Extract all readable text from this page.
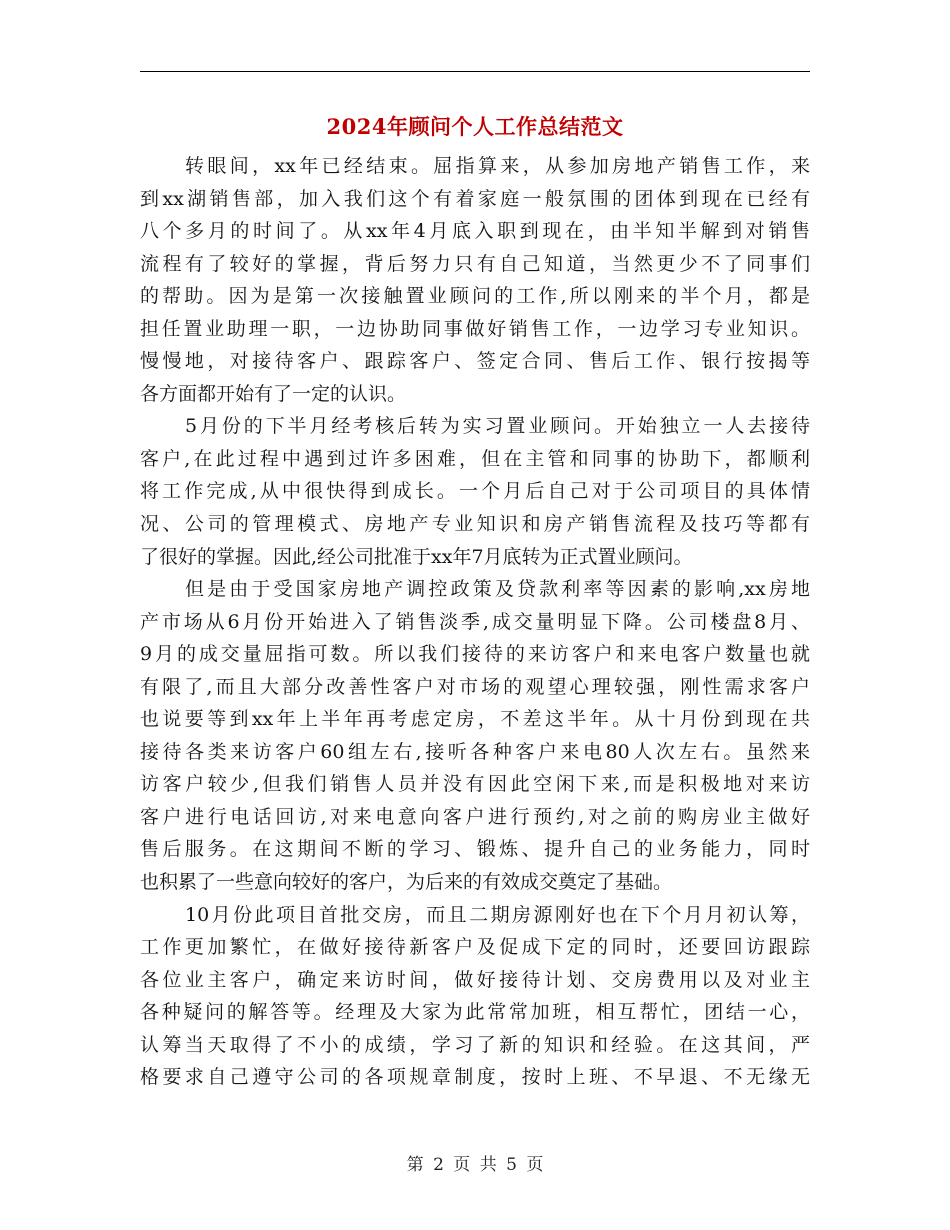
2024年顾问个人工作总结范文
转眼间，xx年已经结束。屈指算来，从参加房地产销售工作，来
到xx湖销售部，加入我们这个有着家庭一般氛围的团体到现在已经有
八个多月的时间了。从xx年4月底入职到现在，由半知半解到对销售
流程有了较好的掌握，背后努力只有自己知道，当然更少不了同事们
的帮助。因为是第一次接触置业顾问的工作,所以刚来的半个月，都是
担任置业助理一职，一边协助同事做好销售工作，一边学习专业知识。
慢慢地，对接待客户、跟踪客户、签定合同、售后工作、银行按揭等
各方面都开始有了一定的认识。
5月份的下半月经考核后转为实习置业顾问。开始独立一人去接待
客户,在此过程中遇到过许多困难，但在主管和同事的协助下，都顺利
将工作完成,从中很快得到成长。一个月后自己对于公司项目的具体情
况、公司的管理模式、房地产专业知识和房产销售流程及技巧等都有
了很好的掌握。因此,经公司批准于xx年7月底转为正式置业顾问。
但是由于受国家房地产调控政策及贷款利率等因素的影响,xx房地
产市场从6月份开始进入了销售淡季,成交量明显下降。公司楼盘8月、
9月的成交量屈指可数。所以我们接待的来访客户和来电客户数量也就
有限了,而且大部分改善性客户对市场的观望心理较强，刚性需求客户
也说要等到xx年上半年再考虑定房，不差这半年。从十月份到现在共
接待各类来访客户60组左右,接听各种客户来电80人次左右。虽然来
访客户较少,但我们销售人员并没有因此空闲下来,而是积极地对来访
客户进行电话回访,对来电意向客户进行预约,对之前的购房业主做好
售后服务。在这期间不断的学习、锻炼、提升自己的业务能力，同时
也积累了一些意向较好的客户，为后来的有效成交奠定了基础。
10月份此项目首批交房，而且二期房源刚好也在下个月月初认筹，
工作更加繁忙，在做好接待新客户及促成下定的同时，还要回访跟踪
各位业主客户，确定来访时间，做好接待计划、交房费用以及对业主
各种疑问的解答等。经理及大家为此常常加班，相互帮忙，团结一心，
认筹当天取得了不小的成绩，学习了新的知识和经验。在这其间，严
格要求自己遵守公司的各项规章制度，按时上班、不早退、不无缘无
第 2 页 共 5 页
